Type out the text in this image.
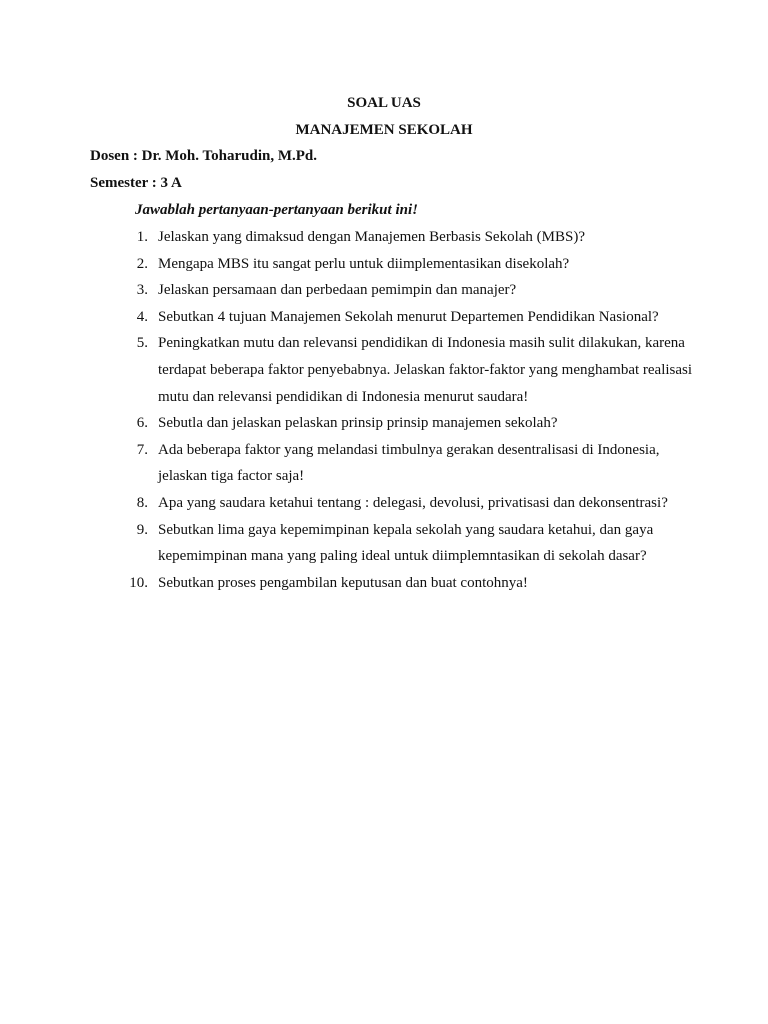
SOAL UAS
MANAJEMEN SEKOLAH
Dosen : Dr. Moh. Toharudin, M.Pd.
Semester : 3 A
Jawablah pertanyaan-pertanyaan berikut ini!
1. Jelaskan yang dimaksud dengan Manajemen Berbasis Sekolah (MBS)?
2. Mengapa MBS itu sangat perlu untuk diimplementasikan disekolah?
3. Jelaskan persamaan dan perbedaan pemimpin dan manajer?
4. Sebutkan 4 tujuan Manajemen Sekolah menurut Departemen Pendidikan Nasional?
5. Peningkatkan mutu dan relevansi pendidikan di Indonesia masih sulit dilakukan, karena terdapat beberapa faktor penyebabnya. Jelaskan faktor-faktor yang menghambat realisasi mutu dan relevansi pendidikan di Indonesia menurut saudara!
6. Sebutla dan jelaskan pelaskan prinsip prinsip manajemen sekolah?
7. Ada beberapa faktor yang melandasi timbulnya gerakan desentralisasi di Indonesia, jelaskan tiga factor saja!
8. Apa yang saudara ketahui tentang : delegasi, devolusi, privatisasi dan dekonsentrasi?
9. Sebutkan lima gaya kepemimpinan kepala sekolah yang saudara ketahui, dan gaya kepemimpinan mana yang paling ideal untuk diimplemntasikan di sekolah dasar?
10. Sebutkan proses pengambilan keputusan dan buat contohnya!
